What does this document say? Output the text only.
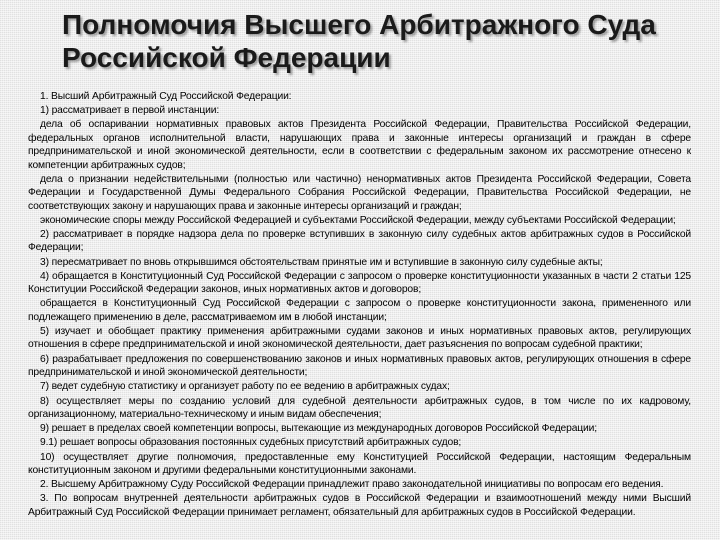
Полномочия Высшего Арбитражного Суда
Российской Федерации

1. Высший Арбитражный Суд Российской Федерации:

1) рассматривает в первой инстанции:

дела об оспаривании нормативных правовых актов Президента Российской Федерации, Правительства Российской Федерации, федеральных органов исполнительной власти, нарушающих права и законные интересы организаций и граждан в сфере предпринимательской и иной экономической деятельности, если в соответствии с федеральным законом их рассмотрение отнесено к компетенции арбитражных судов;

дела о признании недействительными (полностью или частично) ненормативных актов Президента Российской Федерации, Совета Федерации и Государственной Думы Федерального Собрания Российской Федерации, Правительства Российской Федерации, не соответствующих закону и нарушающих права и законные интересы организаций и граждан;

экономические споры между Российской Федерацией и субъектами Российской Федерации, между субъектами Российской Федерации;

2) рассматривает в порядке надзора дела по проверке вступивших в законную силу судебных актов арбитражных судов в Российской Федерации;

3) пересматривает по вновь открывшимся обстоятельствам принятые им и вступившие в законную силу судебные акты;

4) обращается в Конституционный Суд Российской Федерации с запросом о проверке конституционности указанных в части 2 статьи 125 Конституции Российской Федерации законов, иных нормативных актов и договоров;

обращается в Конституционный Суд Российской Федерации с запросом о проверке конституционности закона, примененного или подлежащего применению в деле, рассматриваемом им в любой инстанции;

5) изучает и обобщает практику применения арбитражными судами законов и иных нормативных правовых актов, регулирующих отношения в сфере предпринимательской и иной экономической деятельности, дает разъяснения по вопросам судебной практики;

6) разрабатывает предложения по совершенствованию законов и иных нормативных правовых актов, регулирующих отношения в сфере предпринимательской и иной экономической деятельности;

7) ведет судебную статистику и организует работу по ее ведению в арбитражных судах;

8) осуществляет меры по созданию условий для судебной деятельности арбитражных судов, в том числе по их кадровому, организационному, материально-техническому и иным видам обеспечения;

9) решает в пределах своей компетенции вопросы, вытекающие из международных договоров Российской Федерации;

9.1) решает вопросы образования постоянных судебных присутствий арбитражных судов;

10) осуществляет другие полномочия, предоставленные ему Конституцией Российской Федерации, настоящим Федеральным конституционным законом и другими федеральными конституционными законами.

2. Высшему Арбитражному Суду Российской Федерации принадлежит право законодательной инициативы по вопросам его ведения.

3. По вопросам внутренней деятельности арбитражных судов в Российской Федерации и взаимоотношений между ними Высший Арбитражный Суд Российской Федерации принимает регламент, обязательный для арбитражных судов в Российской Федерации.
